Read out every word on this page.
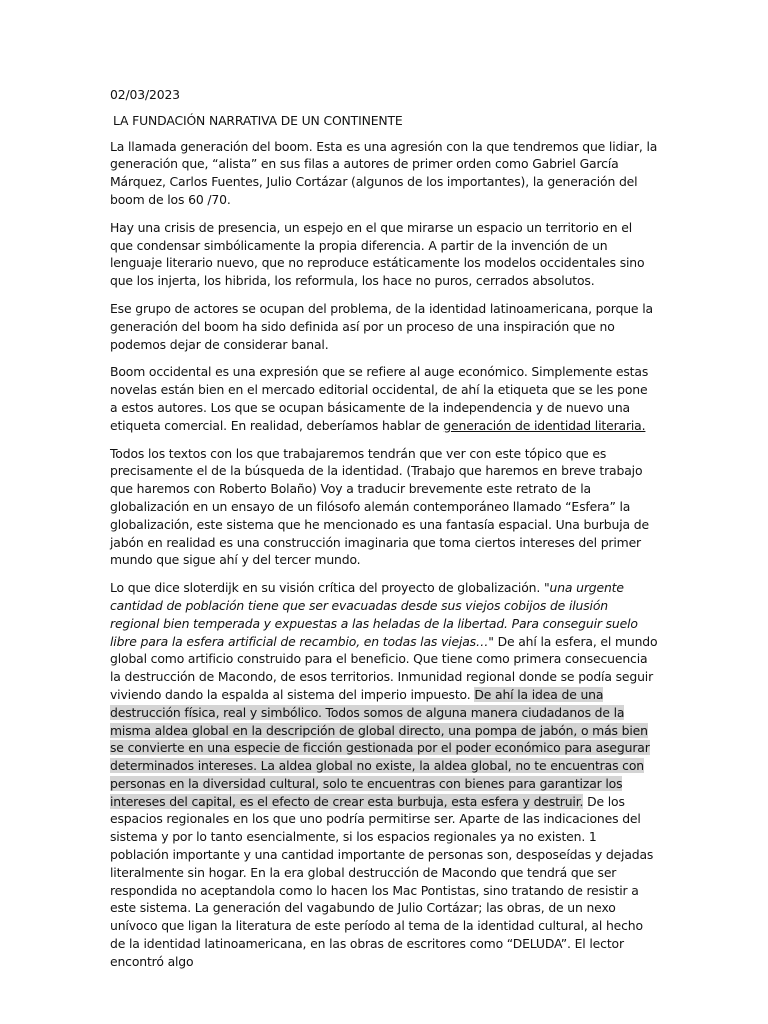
02/03/2023
LA FUNDACIÓN NARRATIVA DE UN CONTINENTE

La llamada generación del boom. Esta es una agresión con la que tendremos que lidiar, la generación que, “alista” en sus filas a autores de primer orden como Gabriel García Márquez, Carlos Fuentes, Julio Cortázar (algunos de los importantes), la generación del boom de los 60 /70.

Hay una crisis de presencia, un espejo en el que mirarse un espacio un territorio en el que condensar simbólicamente la propia diferencia. A partir de la invención de un lenguaje literario nuevo, que no reproduce estáticamente los modelos occidentales sino que los injerta, los hibrida, los reformula, los hace no puros, cerrados absolutos.

Ese grupo de actores se ocupan del problema, de la identidad latinoamericana, porque la generación del boom ha sido definida así por un proceso de una inspiración que no podemos dejar de considerar banal.

Boom occidental es una expresión que se refiere al auge económico. Simplemente estas novelas están bien en el mercado editorial occidental, de ahí la etiqueta que se les pone a estos autores. Los que se ocupan básicamente de la independencia y de nuevo una etiqueta comercial. En realidad, deberíamos hablar de generación de identidad literaria.

Todos los textos con los que trabajaremos tendrán que ver con este tópico que es precisamente el de la búsqueda de la identidad. (Trabajo que haremos en breve trabajo que haremos con Roberto Bolaño) Voy a traducir brevemente este retrato de la globalización en un ensayo de un filósofo alemán contemporáneo llamado “Esfera” la globalización, este sistema que he mencionado es una fantasía espacial. Una burbuja de jabón en realidad es una construcción imaginaria que toma ciertos intereses del primer mundo que sigue ahí y del tercer mundo.

Lo que dice sloterdijk en su visión crítica del proyecto de globalización. "una urgente cantidad de población tiene que ser evacuadas desde sus viejos cobijos de ilusión regional bien temperada y expuestas a las heladas de la libertad. Para conseguir suelo libre para la esfera artificial de recambio, en todas las viejas…" De ahí la esfera, el mundo global como artificio construido para el beneficio. Que tiene como primera consecuencia la destrucción de Macondo, de esos territorios. Inmunidad regional donde se podía seguir viviendo dando la espalda al sistema del imperio impuesto. De ahí la idea de una destrucción física, real y simbólico. Todos somos de alguna manera ciudadanos de la misma aldea global en la descripción de global directo, una pompa de jabón, o más bien se convierte en una especie de ficción gestionada por el poder económico para asegurar determinados intereses. La aldea global no existe, la aldea global, no te encuentras con personas en la diversidad cultural, solo te encuentras con bienes para garantizar los intereses del capital, es el efecto de crear esta burbuja, esta esfera y destruir. De los espacios regionales en los que uno podría permitirse ser. Aparte de las indicaciones del sistema y por lo tanto esencialmente, si los espacios regionales ya no existen. 1 población importante y una cantidad importante de personas son, desposeídas y dejadas literalmente sin hogar. En la era global destrucción de Macondo que tendrá que ser respondida no aceptandola como lo hacen los Mac Pontistas, sino tratando de resistir a este sistema. La generación del vagabundo de Julio Cortázar; las obras, de un nexo unívoco que ligan la literatura de este período al tema de la identidad cultural, al hecho de la identidad latinoamericana, en las obras de escritores como “DELUDA”. El lector encontró algo
